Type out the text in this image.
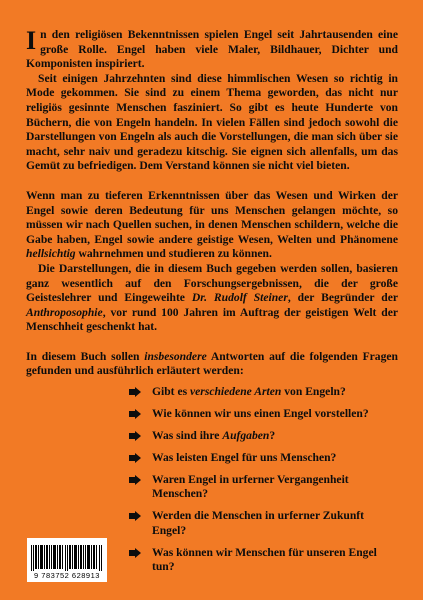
In den religiösen Bekenntnissen spielen Engel seit Jahrtausenden eine große Rolle. Engel haben viele Maler, Bildhauer, Dichter und Komponisten inspiriert.

Seit einigen Jahrzehnten sind diese himmlischen Wesen so richtig in Mode gekommen. Sie sind zu einem Thema geworden, das nicht nur religiös gesinnte Menschen fasziniert. So gibt es heute Hunderte von Büchern, die von Engeln handeln. In vielen Fällen sind jedoch sowohl die Darstellungen von Engeln als auch die Vorstellungen, die man sich über sie macht, sehr naiv und geradezu kitschig. Sie eignen sich allenfalls, um das Gemüt zu befriedigen. Dem Verstand können sie nicht viel bieten.

Wenn man zu tieferen Erkenntnissen über das Wesen und Wirken der Engel sowie deren Bedeutung für uns Menschen gelangen möchte, so müssen wir nach Quellen suchen, in denen Menschen schildern, welche die Gabe haben, Engel sowie andere geistige Wesen, Welten und Phänomene hellsichtig wahrnehmen und studieren zu können.

Die Darstellungen, die in diesem Buch gegeben werden sollen, basieren ganz wesentlich auf den Forschungsergebnissen, die der große Geisteslehrer und Eingeweihte Dr. Rudolf Steiner, der Begründer der Anthroposophie, vor rund 100 Jahren im Auftrag der geistigen Welt der Menschheit geschenkt hat.

In diesem Buch sollen insbesondere Antworten auf die folgenden Fragen gefunden und ausführlich erläutert werden:

Gibt es verschiedene Arten von Engeln?
Wie können wir uns einen Engel vorstellen?
Was sind ihre Aufgaben?
Was leisten Engel für uns Menschen?
Waren Engel in urferner Vergangenheit Menschen?
Werden die Menschen in urferner Zukunft Engel?
Was können wir Menschen für unseren Engel tun?
9 783752 628913
